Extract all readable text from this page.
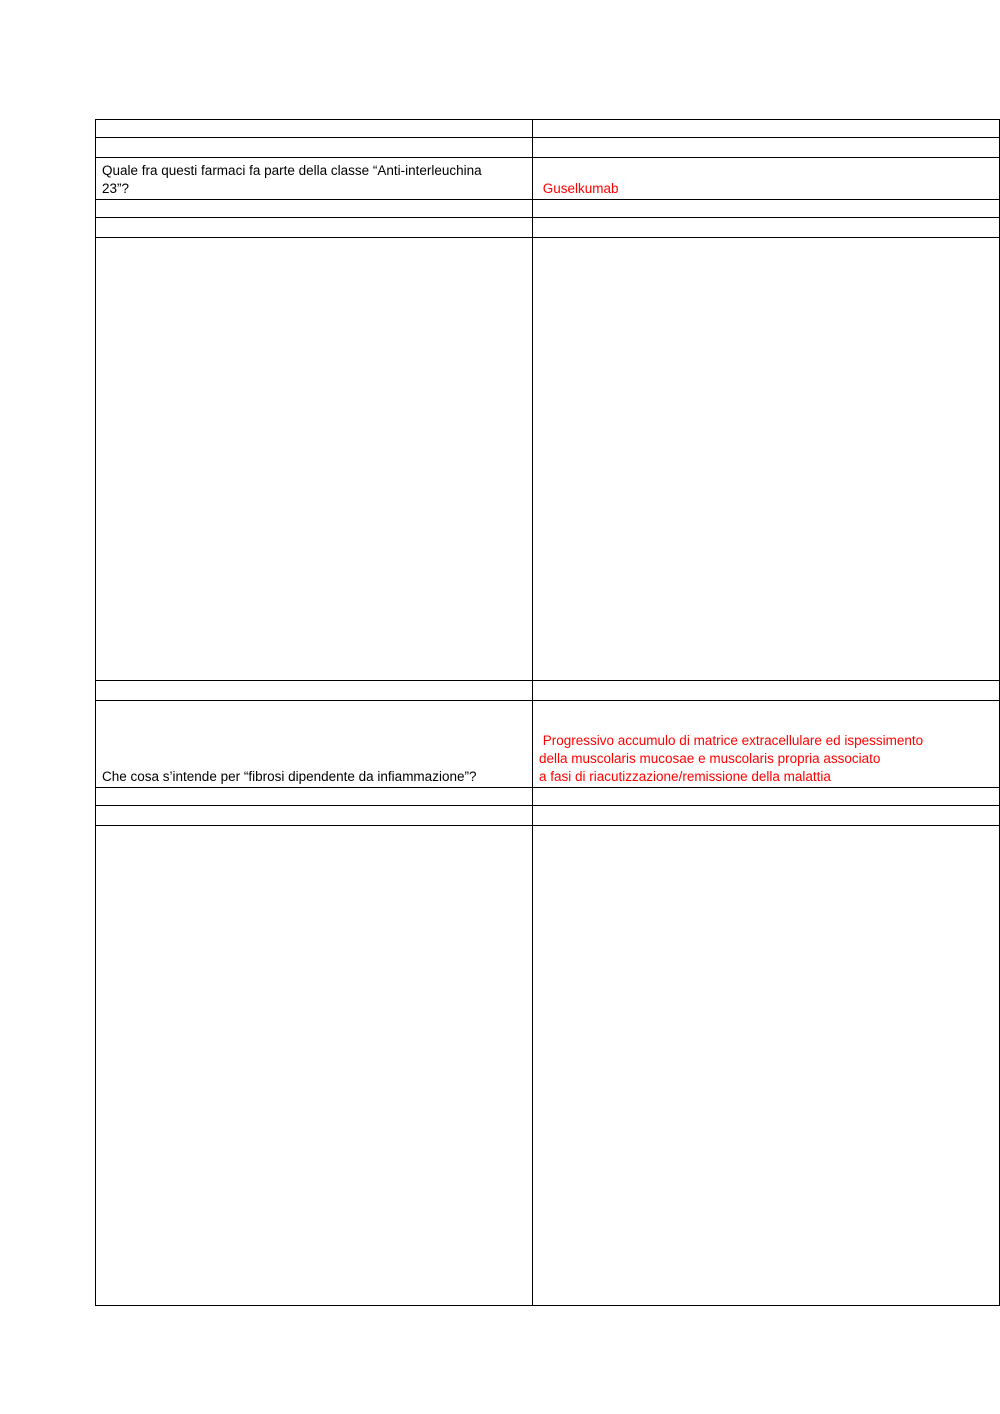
Quale fra questi farmaci fa parte della classe “Anti-interleuchina
23”?	Guselkumab

Che cosa s’intende per “fibrosi dipendente da infiammazione”?	Progressivo accumulo di matrice extracellulare ed ispessimento
della muscolaris mucosae e muscolaris propria associato
a fasi di riacutizzazione/remissione della malattia
